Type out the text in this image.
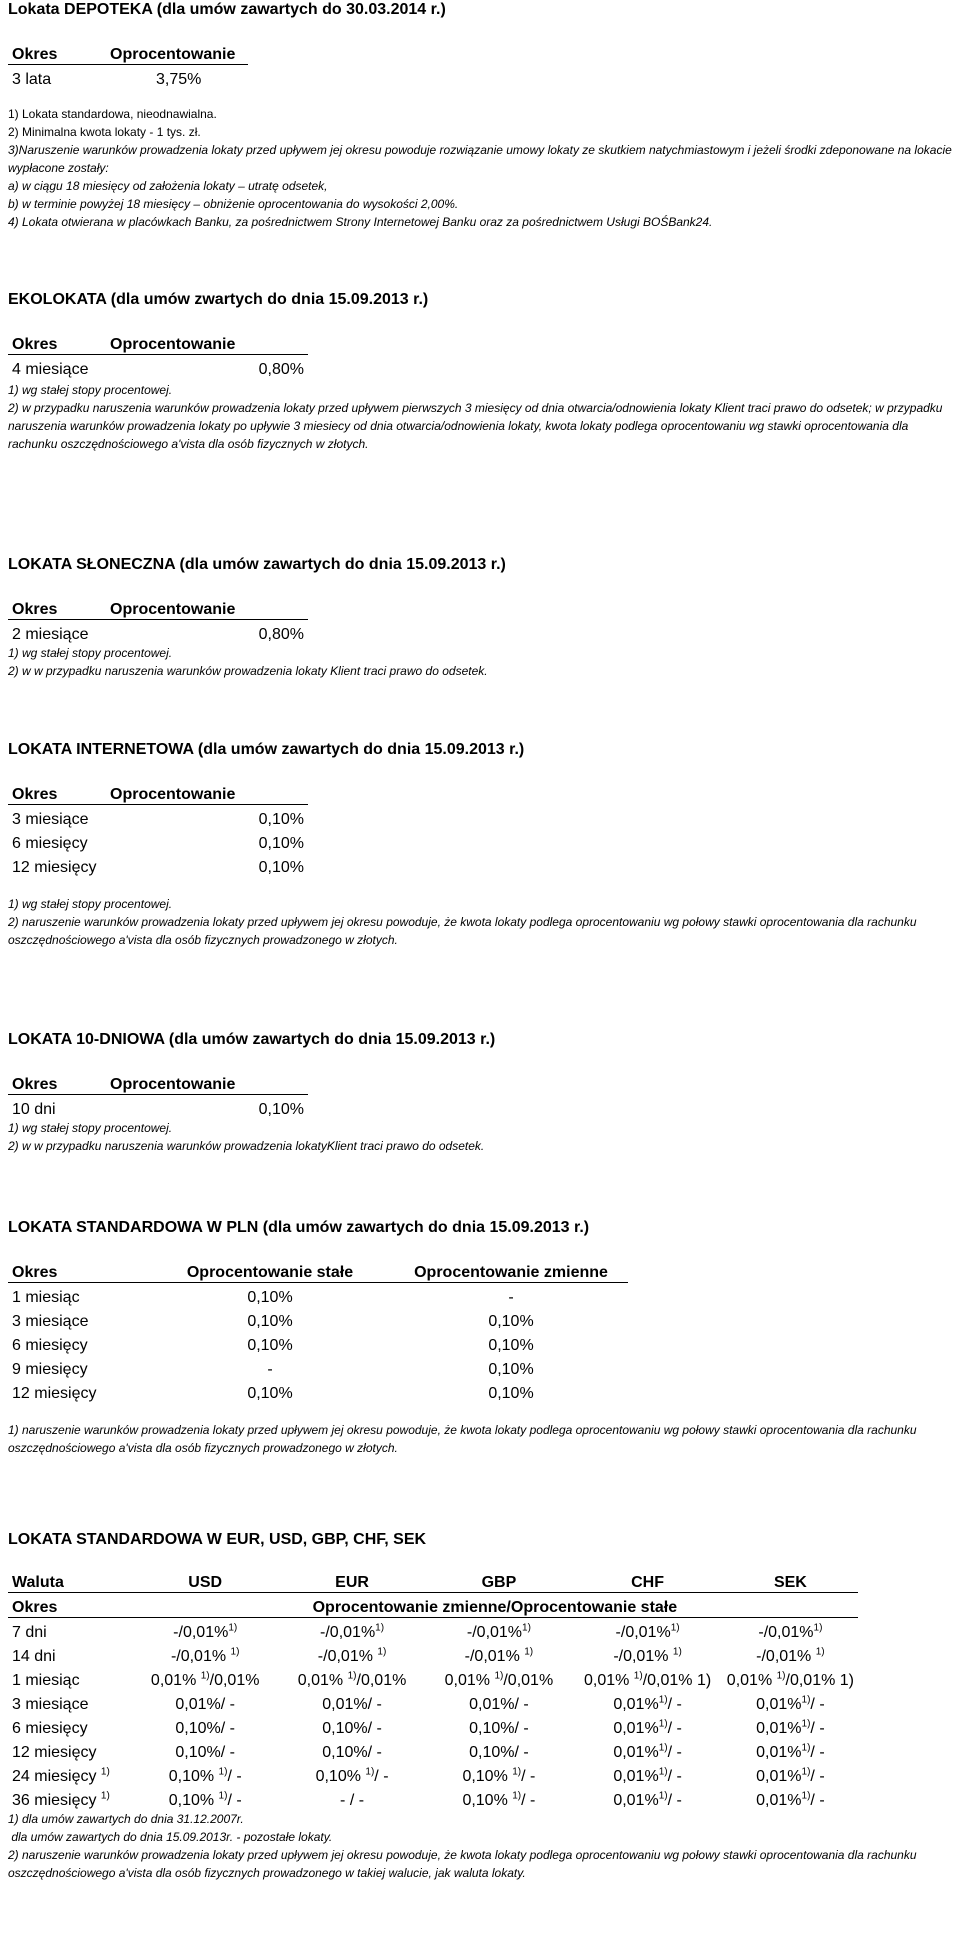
Lokata DEPOTEKA (dla umów zawartych do 30.03.2014 r.)
Okres	Oprocentowanie
3 lata	3,75%
1) Lokata standardowa, nieodnawialna.
2) Minimalna kwota lokaty - 1 tys. zł.
3)Naruszenie warunków prowadzenia lokaty przed upływem jej okresu powoduje rozwiązanie umowy lokaty ze skutkiem natychmiastowym i jeżeli środki zdeponowane na lokacie wypłacone zostały:
a) w ciągu 18 miesięcy od założenia lokaty – utratę odsetek,
b) w terminie powyżej 18 miesięcy – obniżenie oprocentowania do wysokości 2,00%.
4) Lokata otwierana w placówkach Banku, za pośrednictwem Strony Internetowej Banku oraz za pośrednictwem Usługi BOŚBank24.
EKOLOKATA (dla umów zwartych do dnia 15.09.2013 r.)
Okres	Oprocentowanie
4 miesiące	0,80%
1) wg stałej stopy procentowej.
2) w przypadku naruszenia warunków prowadzenia lokaty przed upływem pierwszych 3 miesięcy od dnia otwarcia/odnowienia lokaty Klient traci prawo do odsetek; w przypadku naruszenia warunków prowadzenia lokaty po upływie 3 miesiecy od dnia otwarcia/odnowienia lokaty, kwota lokaty podlega oprocentowaniu wg stawki oprocentowania dla rachunku oszczędnościowego a'vista dla osób fizycznych w złotych.
LOKATA SŁONECZNA (dla umów zawartych do dnia 15.09.2013 r.)
Okres	Oprocentowanie
2 miesiące	0,80%
1) wg stałej stopy procentowej.
2) w w przypadku naruszenia warunków prowadzenia lokaty Klient traci prawo do odsetek.
LOKATA INTERNETOWA (dla umów zawartych do dnia 15.09.2013 r.)
Okres	Oprocentowanie
3 miesiące	0,10%
6 miesięcy	0,10%
12 miesięcy	0,10%
1) wg stałej stopy procentowej.
2) naruszenie warunków prowadzenia lokaty przed upływem jej okresu powoduje, że kwota lokaty podlega oprocentowaniu wg połowy stawki oprocentowania dla rachunku oszczędnościowego a'vista dla osób fizycznych prowadzonego w złotych.
LOKATA 10-DNIOWA (dla umów zawartych do dnia 15.09.2013 r.)
Okres	Oprocentowanie
10 dni	0,10%
1) wg stałej stopy procentowej.
2) w w przypadku naruszenia warunków prowadzenia lokatyKlient traci prawo do odsetek.
LOKATA STANDARDOWA W PLN (dla umów zawartych do dnia 15.09.2013 r.)
Okres	Oprocentowanie stałe	Oprocentowanie zmienne
1 miesiąc	0,10%	-
3 miesiące	0,10%	0,10%
6 miesięcy	0,10%	0,10%
9 miesięcy	-	0,10%
12 miesięcy	0,10%	0,10%
1) naruszenie warunków prowadzenia lokaty przed upływem jej okresu powoduje, że kwota lokaty podlega oprocentowaniu wg połowy stawki oprocentowania dla rachunku oszczędnościowego a'vista dla osób fizycznych prowadzonego w złotych.
LOKATA STANDARDOWA W EUR, USD, GBP, CHF, SEK
Waluta	USD	EUR	GBP	CHF	SEK
Okres	Oprocentowanie zmienne/Oprocentowanie stałe				
7 dni	-/0,01%$^{1)}$	-/0,01%$^{1)}$	-/0,01%$^{1)}$	-/0,01%$^{1)}$	-/0,01%$^{1)}$
14 dni	-/0,01% $^{1)}$	-/0,01% $^{1)}$	-/0,01% $^{1)}$	-/0,01% $^{1)}$	-/0,01% $^{1)}$
1 miesiąc	0,01% $^{1)}$/0,01%	0,01% $^{1)}$/0,01%	0,01% $^{1)}$/0,01%	0,01% $^{1)}$/0,01% 1)	0,01% $^{1)}$/0,01% 1)
3 miesiące	0,01%/ -	0,01%/ -	0,01%/ -	0,01%$^{1)}$/ -	0,01%$^{1)}$/ -
6 miesięcy	0,10%/ -	0,10%/ -	0,10%/ -	0,01%$^{1)}$/ -	0,01%$^{1)}$/ -
12 miesięcy	0,10%/ -	0,10%/ -	0,10%/ -	0,01%$^{1)}$/ -	0,01%$^{1)}$/ -
24 miesięcy $^{1)}$	0,10% $^{1)}$/ -	0,10% $^{1)}$/ -	0,10% $^{1)}$/ -	0,01%$^{1)}$/ -	0,01%$^{1)}$/ -
36 miesięcy $^{1)}$	0,10% $^{1)}$/ -	- / -	0,10% $^{1)}$/ -	0,01%$^{1)}$/ -	0,01%$^{1)}$/ -
1) dla umów zawartych do dnia 31.12.2007r.
dla umów zawartych do dnia 15.09.2013r. - pozostałe lokaty.
2) naruszenie warunków prowadzenia lokaty przed upływem jej okresu powoduje, że kwota lokaty podlega oprocentowaniu wg połowy stawki oprocentowania dla rachunku oszczędnościowego a'vista dla osób fizycznych prowadzonego w takiej walucie, jak waluta lokaty.
